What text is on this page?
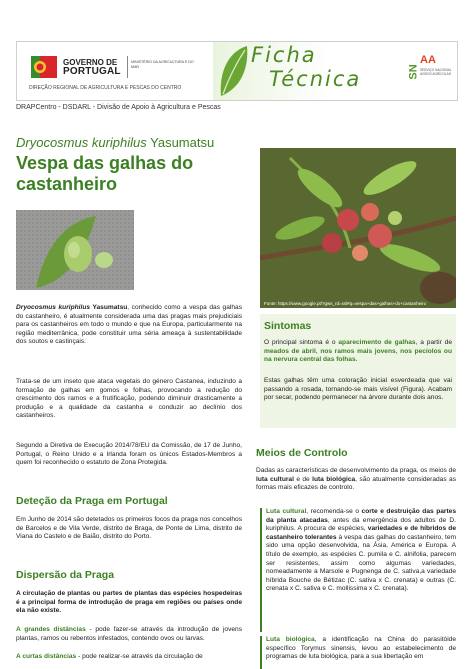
GOVERNO DE
PORTUGAL
MINISTÉRIO DA AGRICULTURA E DO MAR
DIREÇÃO REGIONAL DE AGRICULTURA E PESCAS DO CENTRO
Ficha
Técnica	SN
AA
SERVIÇO NACIONAL AVISOS AGRÍCOLAS
DRAPCentro - DSDARL - Divisão de Apoio à Agricultura e Pescas
Dryocosmus kuriphilus Yasumatsu
Vespa das galhas do castanheiro
Fonte: https://www.google.pt/?gws_rd=ssl#q=vespa+das+galhas+do+castanheiro
Dryocosmus kuriphilus Yasumatsu, conhecido como a vespa das galhas do castanheiro, é atualmente considerada uma das pragas mais prejudiciais para os castanheiros em todo o mundo e que na Europa, particularmente na região mediterrânica, pode constituir uma séria ameaça à sustentabilidade dos soutos e castinçais.
Trata-se de um inseto que ataca vegetais do género Castanea, induzindo a formação de galhas em gomos e folhas, provocando a redução do crescimento dos ramos e a frutificação, podendo diminuir drasticamente a produção e a qualidade da castanha e conduzir ao declínio dos castanheiros.
Segundo a Diretiva de Execução 2014/78/EU da Comissão, de 17 de Junho, Portugal, o Reino Unido e a Irlanda foram os únicos Estados-Membros a quem foi reconhecido o estatuto de Zona Protegida.
Deteção da Praga em Portugal
Em Junho de 2014 são detetados os primeiros focos da praga nos concelhos de Barcelos e de Vila Verde, distrito de Braga, de Ponte de Lima, distrito de Viana do Castelo e de Baião, distrito do Porto.
Dispersão da Praga
A circulação de plantas ou partes de plantas das espécies hospedeiras é a principal forma de introdução de praga em regiões ou países onde ela não existe.
A grandes distâncias - pode fazer-se através da introdução de jovens plantas, ramos ou rebentos infestados, contendo ovos ou larvas.
A curtas distâncias - pode realizar-se através da circulação de
Sintomas
O principal sintoma é o aparecimento de galhas, a partir de meados de abril, nos ramos mais jovens, nos pecíolos ou na nervura central das folhas.
Estas galhas têm uma coloração inicial esverdeada que vai passando a rosada, tornando-se mais visível (Figura). Acabam por secar, podendo permanecer na árvore durante dois anos.
Meios de Controlo
Dadas as características de desenvolvimento da praga, os meios de luta cultural e de luta biológica, são atualmente consideradas as formas mais eficazes de controlo.
Luta cultural, recomenda-se o corte e destruição das partes da planta atacadas, antes da emergência dos adultos de D. kuriphilus. A procura de espécies, variedades e de híbridos de castanheiro tolerantes à vespa das galhas do castanheiro, tem sido uma opção desenvolvida, na Ásia, América e Europa. A título de exemplo, as espécies C. pumila e C. alnifolia, parecem ser resistentes, assim como algumas variedades, nomeadamente a Marsole e Pugnenga de C. sativa,a variedade híbrida Bouche de Bétizac (C. sativa x C. crenata) e outras (C. crenata x C. sativa e C. mollissima x C. crenata).
Luta biológica, a identificação na China do parasitóide específico Torymus sinensis, levou ao estabelecimento de programas de luta biológica, para a sua libertação em
